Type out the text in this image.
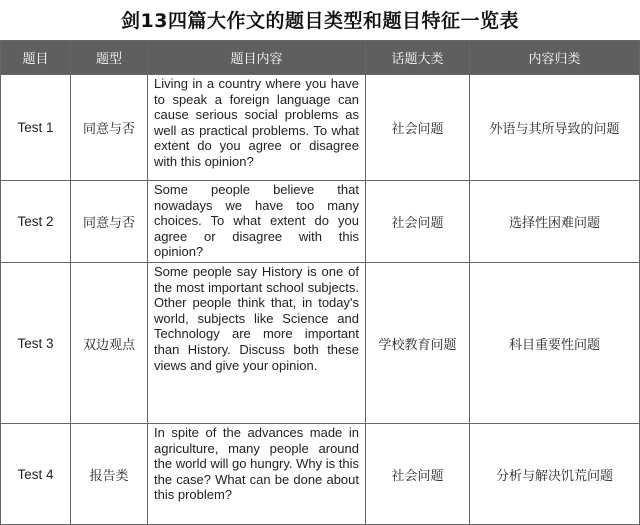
剑13四篇大作文的题目类型和题目特征一览表
题目	题型	题目内容	话题大类	内容归类
Test 1	同意与否	Living in a country where you have to speak a foreign language can cause serious social problems as well as practical problems. To what extent do you agree or disagree with this opinion?	社会问题	外语与其所导致的问题
Test 2	同意与否	Some people believe that nowadays we have too many choices. To what extent do you agree or disagree with this opinion?	社会问题	选择性困难问题
Test 3	双边观点	Some people say History is one of the most important school subjects. Other people think that, in today's world, subjects like Science and Technology are more important than History. Discuss both these views and give your opinion.	学校教育问题	科目重要性问题
Test 4	报告类	In spite of the advances made in agriculture, many people around the world will go hungry. Why is this the case? What can be done about this problem?	社会问题	分析与解决饥荒问题
